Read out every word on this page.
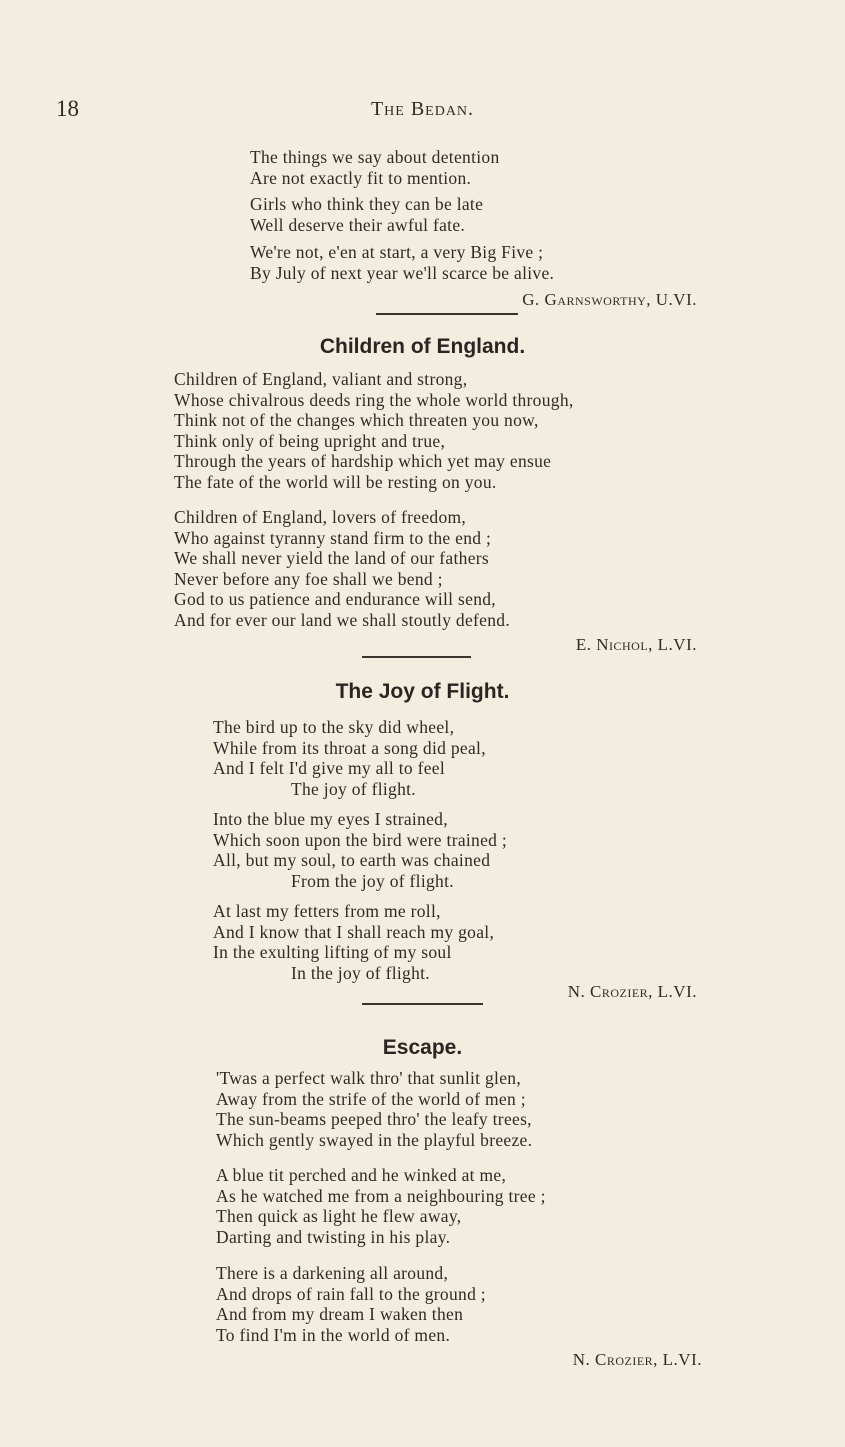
18	The Bedan.
The things we say about detention
Are not exactly fit to mention.
Girls who think they can be late
Well deserve their awful fate.
We're not, e'en at start, a very Big Five ;
By July of next year we'll scarce be alive.
G. Garnsworthy, U.VI.
Children of England.
Children of England, valiant and strong,
Whose chivalrous deeds ring the whole world through,
Think not of the changes which threaten you now,
Think only of being upright and true,
Through the years of hardship which yet may ensue
The fate of the world will be resting on you.
Children of England, lovers of freedom,
Who against tyranny stand firm to the end ;
We shall never yield the land of our fathers
Never before any foe shall we bend ;
God to us patience and endurance will send,
And for ever our land we shall stoutly defend.
E. Nichol, L.VI.
The Joy of Flight.
The bird up to the sky did wheel,
While from its throat a song did peal,
And I felt I'd give my all to feel
The joy of flight.
Into the blue my eyes I strained,
Which soon upon the bird were trained ;
All, but my soul, to earth was chained
From the joy of flight.
At last my fetters from me roll,
And I know that I shall reach my goal,
In the exulting lifting of my soul
In the joy of flight.
N. Crozier, L.VI.
Escape.
'Twas a perfect walk thro' that sunlit glen,
Away from the strife of the world of men ;
The sun-beams peeped thro' the leafy trees,
Which gently swayed in the playful breeze.
A blue tit perched and he winked at me,
As he watched me from a neighbouring tree ;
Then quick as light he flew away,
Darting and twisting in his play.
There is a darkening all around,
And drops of rain fall to the ground ;
And from my dream I waken then
To find I'm in the world of men.
N. Crozier, L.VI.
